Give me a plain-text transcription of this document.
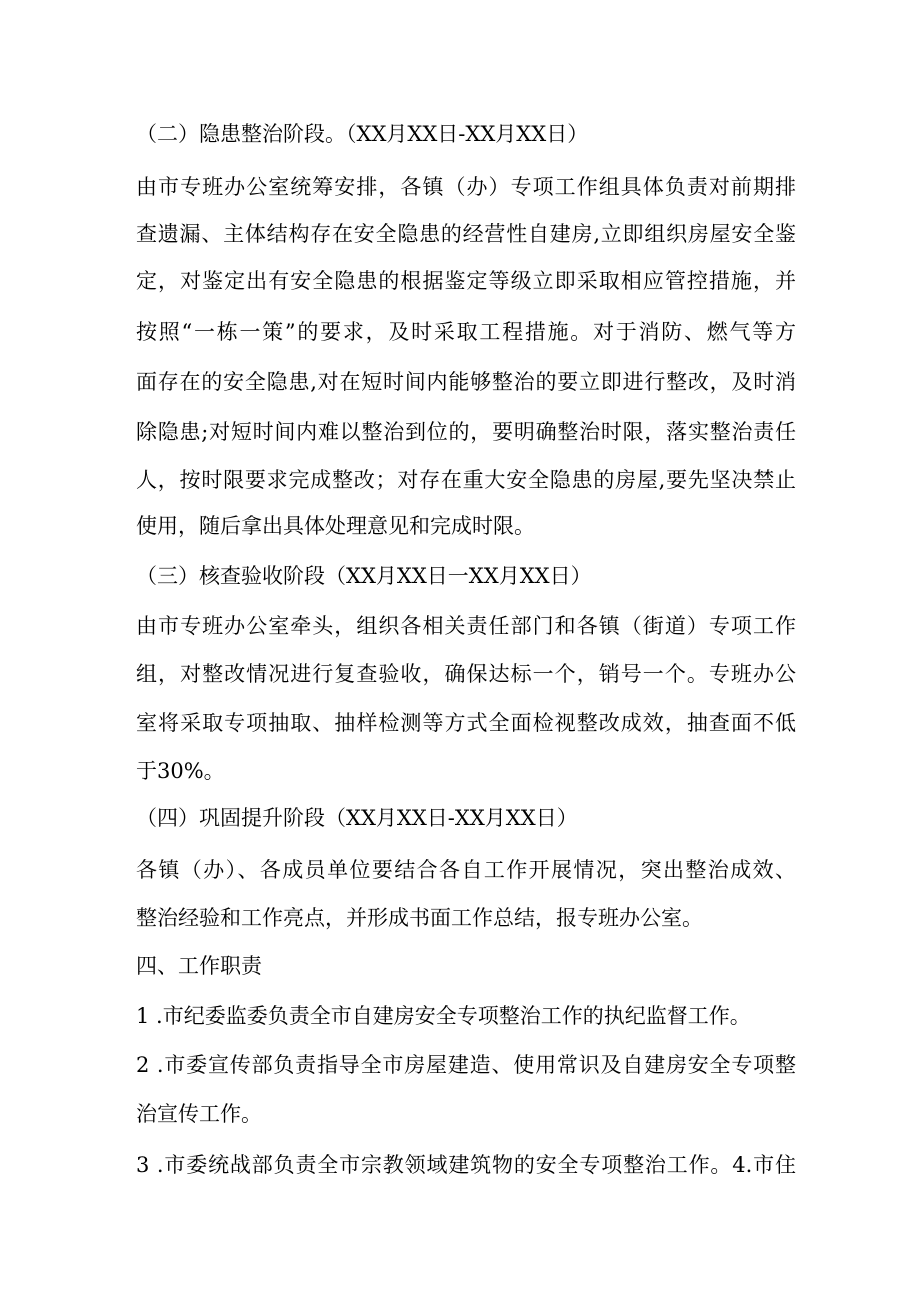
（二）隐患整治阶段。（XX月XX日-XX月XX日）
由市专班办公室统筹安排，各镇（办）专项工作组具体负责对前期排
查遗漏、主体结构存在安全隐患的经营性自建房,立即组织房屋安全鉴
定，对鉴定出有安全隐患的根据鉴定等级立即采取相应管控措施，并
按照“一栋一策”的要求，及时采取工程措施。对于消防、燃气等方
面存在的安全隐患,对在短时间内能够整治的要立即进行整改，及时消
除隐患;对短时间内难以整治到位的，要明确整治时限，落实整治责任
人，按时限要求完成整改；对存在重大安全隐患的房屋,要先坚决禁止
使用，随后拿出具体处理意见和完成时限。
（三）核查验收阶段（XX月XX日一XX月XX日）
由市专班办公室牵头，组织各相关责任部门和各镇（街道）专项工作
组，对整改情况进行复查验收，确保达标一个，销号一个。专班办公
室将采取专项抽取、抽样检测等方式全面检视整改成效，抽查面不低
于30%。
（四）巩固提升阶段（XX月XX日-XX月XX日）
各镇（办）、各成员单位要结合各自工作开展情况，突出整治成效、
整治经验和工作亮点，并形成书面工作总结，报专班办公室。
四、工作职责
1 .市纪委监委负责全市自建房安全专项整治工作的执纪监督工作。
2 .市委宣传部负责指导全市房屋建造、使用常识及自建房安全专项整
治宣传工作。
3 .市委统战部负责全市宗教领域建筑物的安全专项整治工作。4.市住
